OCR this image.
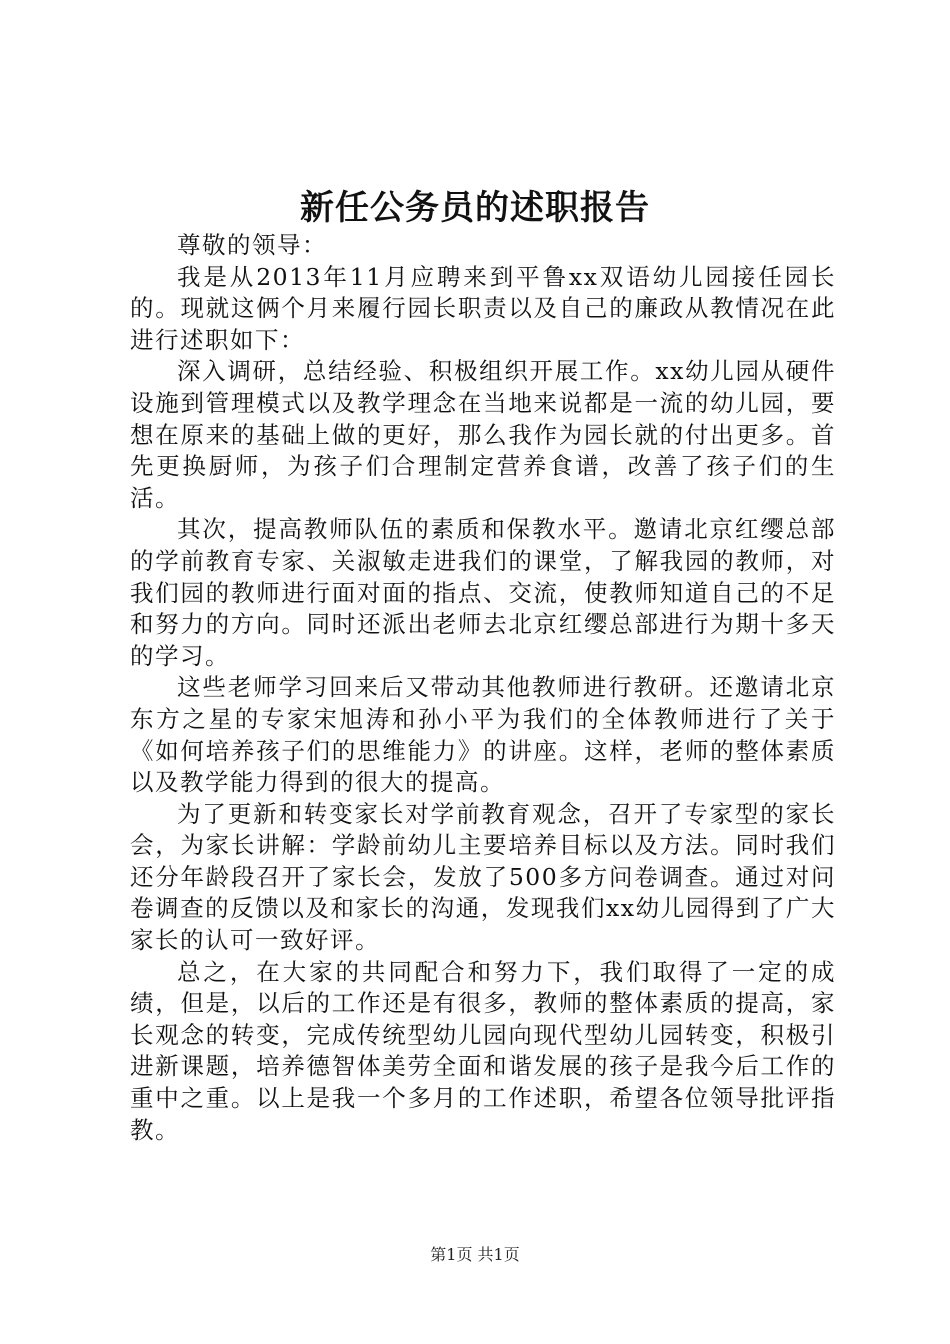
新任公务员的述职报告

尊敬的领导：

我是从2013年11月应聘来到平鲁xx双语幼儿园接任园长的。现就这俩个月来履行园长职责以及自己的廉政从教情况在此进行述职如下：

深入调研，总结经验、积极组织开展工作。xx幼儿园从硬件设施到管理模式以及教学理念在当地来说都是一流的幼儿园，要想在原来的基础上做的更好，那么我作为园长就的付出更多。首先更换厨师，为孩子们合理制定营养食谱，改善了孩子们的生活。

其次，提高教师队伍的素质和保教水平。邀请北京红缨总部的学前教育专家、关淑敏走进我们的课堂，了解我园的教师，对我们园的教师进行面对面的指点、交流，使教师知道自己的不足和努力的方向。同时还派出老师去北京红缨总部进行为期十多天的学习。

这些老师学习回来后又带动其他教师进行教研。还邀请北京东方之星的专家宋旭涛和孙小平为我们的全体教师进行了关于《如何培养孩子们的思维能力》的讲座。这样，老师的整体素质以及教学能力得到的很大的提高。

为了更新和转变家长对学前教育观念，召开了专家型的家长会，为家长讲解：学龄前幼儿主要培养目标以及方法。同时我们还分年龄段召开了家长会，发放了500多方问卷调查。通过对问卷调查的反馈以及和家长的沟通，发现我们xx幼儿园得到了广大家长的认可一致好评。

总之，在大家的共同配合和努力下，我们取得了一定的成绩，但是，以后的工作还是有很多，教师的整体素质的提高，家长观念的转变，完成传统型幼儿园向现代型幼儿园转变，积极引进新课题，培养德智体美劳全面和谐发展的孩子是我今后工作的重中之重。以上是我一个多月的工作述职，希望各位领导批评指教。

第1页 共1页
